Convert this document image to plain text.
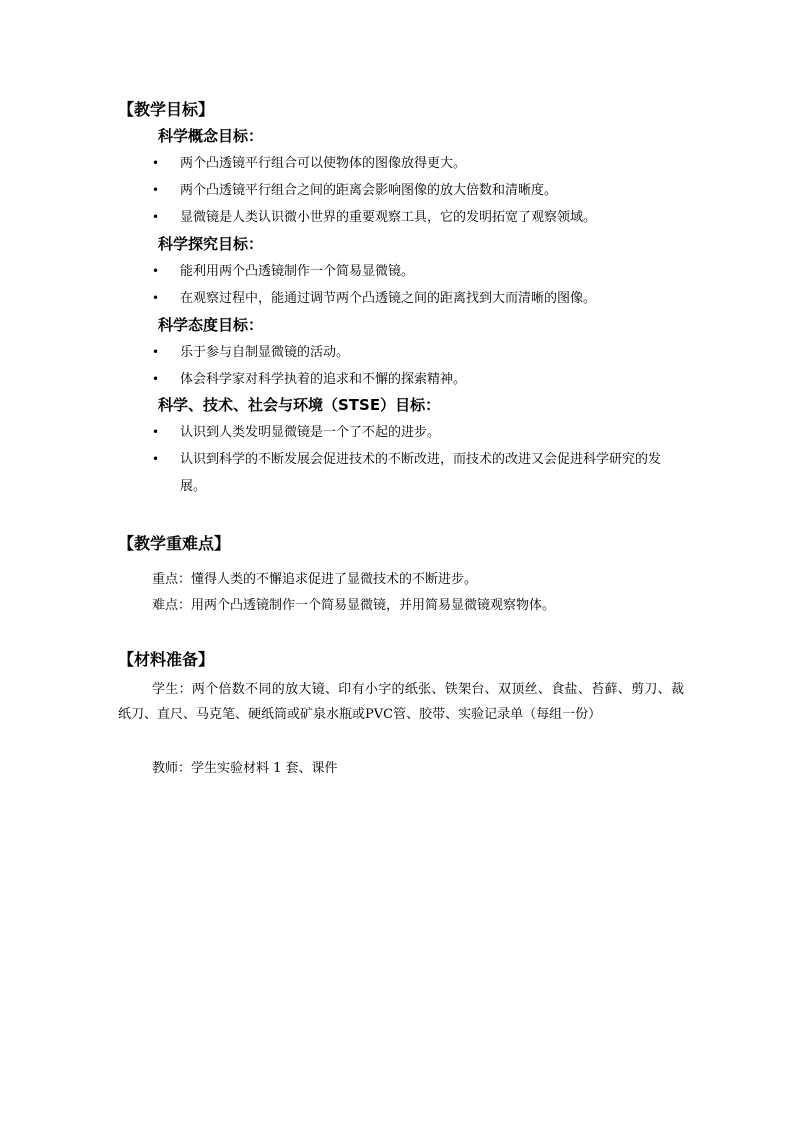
【教学目标】
科学概念目标：
• 两个凸透镜平行组合可以使物体的图像放得更大。
• 两个凸透镜平行组合之间的距离会影响图像的放大倍数和清晰度。
• 显微镜是人类认识微小世界的重要观察工具，它的发明拓宽了观察领域。
科学探究目标：
• 能利用两个凸透镜制作一个简易显微镜。
• 在观察过程中，能通过调节两个凸透镜之间的距离找到大而清晰的图像。
科学态度目标：
• 乐于参与自制显微镜的活动。
• 体会科学家对科学执着的追求和不懈的探索精神。
科学、技术、社会与环境（STSE）目标：
• 认识到人类发明显微镜是一个了不起的进步。
• 认识到科学的不断发展会促进技术的不断改进，而技术的改进又会促进科学研究的发展。
【教学重难点】
重点：懂得人类的不懈追求促进了显微技术的不断进步。
难点：用两个凸透镜制作一个简易显微镜，并用简易显微镜观察物体。
【材料准备】
学生：两个倍数不同的放大镜、印有小字的纸张、铁架台、双顶丝、食盐、苔藓、剪刀、裁纸刀、直尺、马克笔、硬纸筒或矿泉水瓶或PVC管、胶带、实验记录单（每组一份）
教师：学生实验材料 1 套、课件
